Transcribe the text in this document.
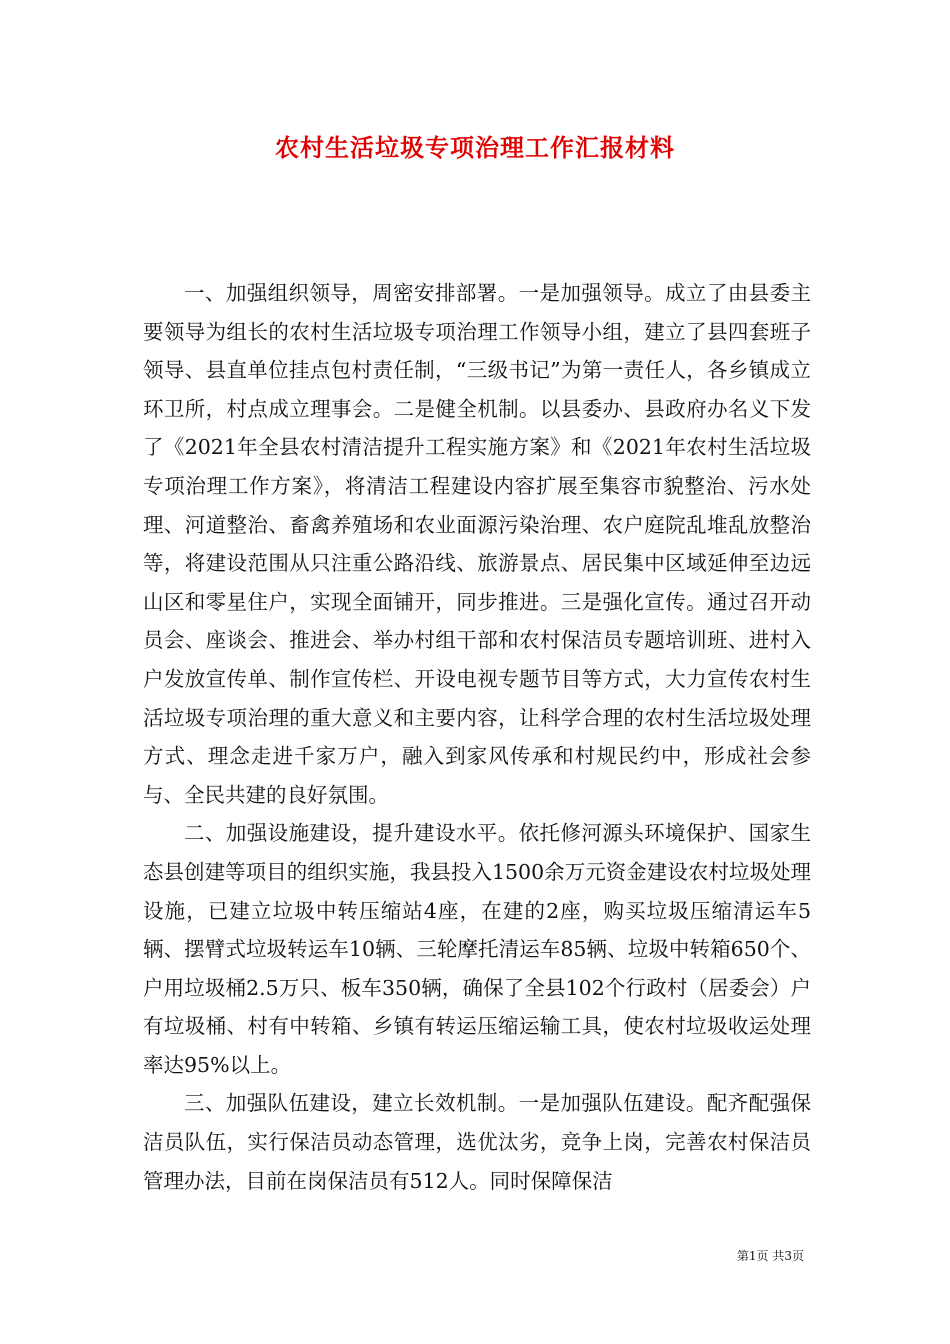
农村生活垃圾专项治理工作汇报材料

一、加强组织领导，周密安排部署。一是加强领导。成立了由县委主要领导为组长的农村生活垃圾专项治理工作领导小组，建立了县四套班子领导、县直单位挂点包村责任制，“三级书记”为第一责任人，各乡镇成立环卫所，村点成立理事会。二是健全机制。以县委办、县政府办名义下发了《2021年全县农村清洁提升工程实施方案》和《2021年农村生活垃圾专项治理工作方案》，将清洁工程建设内容扩展至集容市貌整治、污水处理、河道整治、畜禽养殖场和农业面源污染治理、农户庭院乱堆乱放整治等，将建设范围从只注重公路沿线、旅游景点、居民集中区域延伸至边远山区和零星住户，实现全面铺开，同步推进。三是强化宣传。通过召开动员会、座谈会、推进会、举办村组干部和农村保洁员专题培训班、进村入户发放宣传单、制作宣传栏、开设电视专题节目等方式，大力宣传农村生活垃圾专项治理的重大意义和主要内容，让科学合理的农村生活垃圾处理方式、理念走进千家万户，融入到家风传承和村规民约中，形成社会参与、全民共建的良好氛围。

二、加强设施建设，提升建设水平。依托修河源头环境保护、国家生态县创建等项目的组织实施，我县投入1500余万元资金建设农村垃圾处理设施，已建立垃圾中转压缩站4座，在建的2座，购买垃圾压缩清运车5辆、摆臂式垃圾转运车10辆、三轮摩托清运车85辆、垃圾中转箱650个、户用垃圾桶2.5万只、板车350辆，确保了全县102个行政村（居委会）户有垃圾桶、村有中转箱、乡镇有转运压缩运输工具，使农村垃圾收运处理率达95%以上。

三、加强队伍建设，建立长效机制。一是加强队伍建设。配齐配强保洁员队伍，实行保洁员动态管理，选优汰劣，竞争上岗，完善农村保洁员管理办法，目前在岗保洁员有512人。同时保障保洁

第1页 共3页
